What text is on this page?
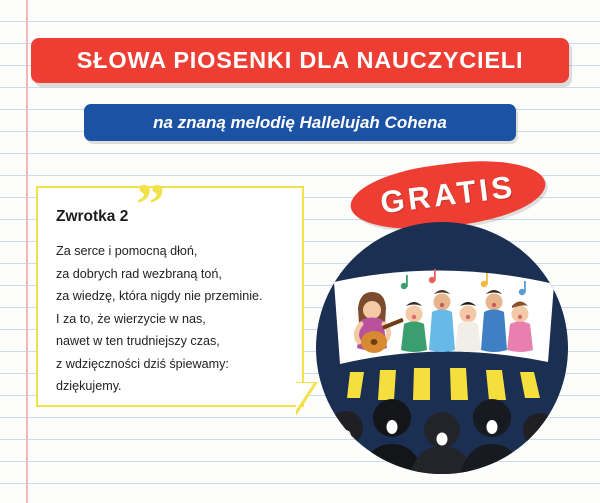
SŁOWA PIOSENKI DLA NAUCZYCIELI
na znaną melodię Hallelujah Cohena
”
Zwrotka 2
Za serce i pomocną dłoń,
za dobrych rad wezbraną toń,
za wiedzę, która nigdy nie przeminie.
I za to, że wierzycie w nas,
nawet w ten trudniejszy czas,
z wdzięczności dziś śpiewamy:
dziękujemy.
GRATIS
